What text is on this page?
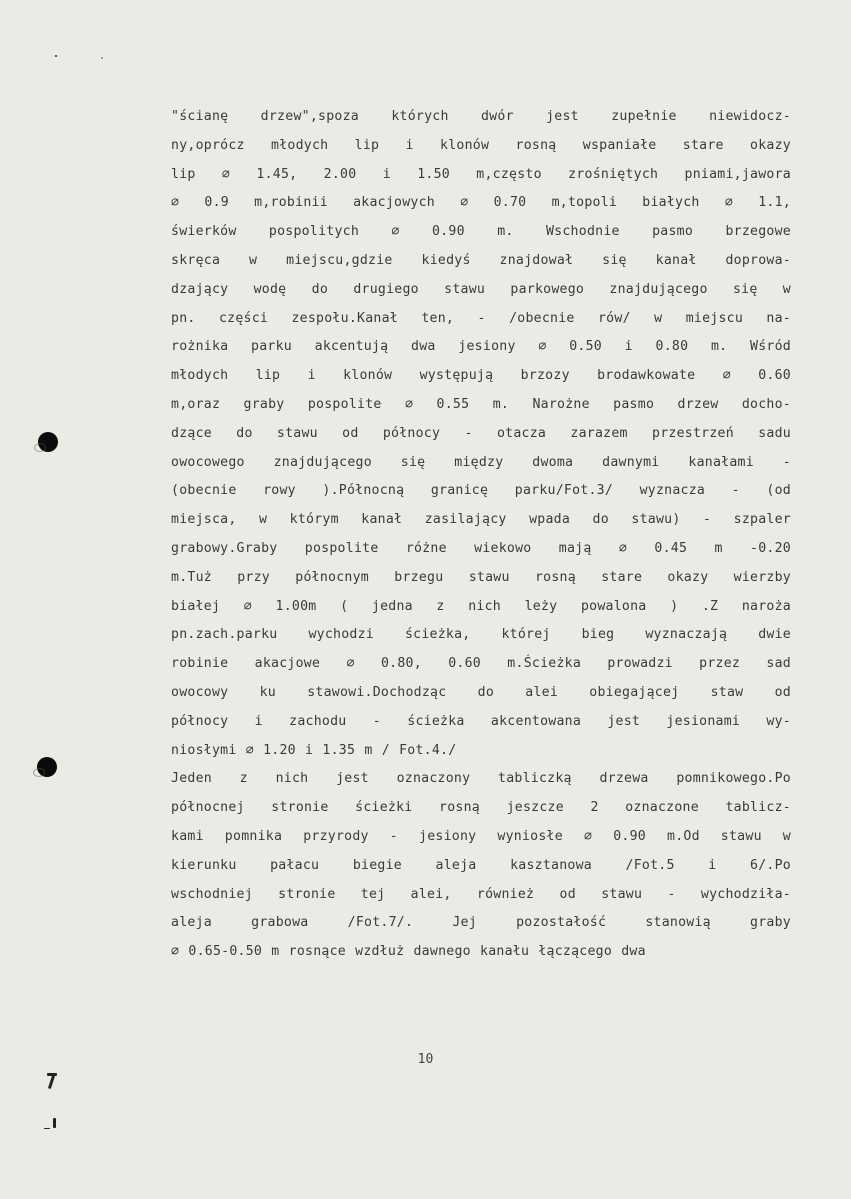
"ścianę drzew",spoza których dwór jest zupełnie niewidocz-
ny,oprócz młodych lip i klonów rosną wspaniałe stare okazy
lip ∅ 1.45, 2.00 i 1.50 m,często zrośniętych pniami,jawora
∅ 0.9 m,robinii akacjowych ∅ 0.70 m,topoli białych ∅ 1.1,
świerków pospolitych ∅ 0.90 m. Wschodnie pasmo brzegowe
skręca w miejscu,gdzie kiedyś znajdował się kanał doprowa-
dzający wodę do drugiego stawu parkowego znajdującego się w
pn. części zespołu.Kanał ten, - /obecnie rów/ w miejscu na-
rożnika parku akcentują dwa jesiony ∅ 0.50 i 0.80 m. Wśród
młodych lip i klonów występują brzozy brodawkowate ∅ 0.60
m,oraz graby pospolite ∅ 0.55 m. Narożne pasmo drzew docho-
dzące do stawu od północy - otacza zarazem przestrzeń sadu
owocowego znajdującego się między dwoma dawnymi kanałami -
(obecnie rowy ).Północną granicę parku/Fot.3/ wyznacza - (od
miejsca, w którym kanał zasilający wpada do stawu) - szpaler
grabowy.Graby pospolite różne wiekowo mają ∅ 0.45 m -0.20
m.Tuż przy północnym brzegu stawu rosną stare okazy wierzby
białej ∅ 1.00m ( jedna z nich leży powalona ) .Z naroża
pn.zach.parku wychodzi ścieżka, której bieg wyznaczają dwie
robinie akacjowe ∅ 0.80, 0.60 m.Ścieżka prowadzi przez sad
owocowy ku stawowi.Dochodząc do alei obiegającej staw od
północy i zachodu - ścieżka akcentowana jest jesionami wy-
niosłymi ∅ 1.20 i 1.35 m / Fot.4./
Jeden z nich jest oznaczony tabliczką drzewa pomnikowego.Po
północnej stronie ścieżki rosną jeszcze 2 oznaczone tablicz-
kami pomnika przyrody - jesiony wyniosłe ∅ 0.90 m.Od stawu w
kierunku pałacu biegie aleja kasztanowa /Fot.5 i 6/.Po
wschodniej stronie tej alei, również od stawu - wychodziła-
aleja grabowa /Fot.7/. Jej pozostałość stanowią graby
∅ 0.65-0.50 m rosnące wzdłuż dawnego kanału łączącego dwa
10
